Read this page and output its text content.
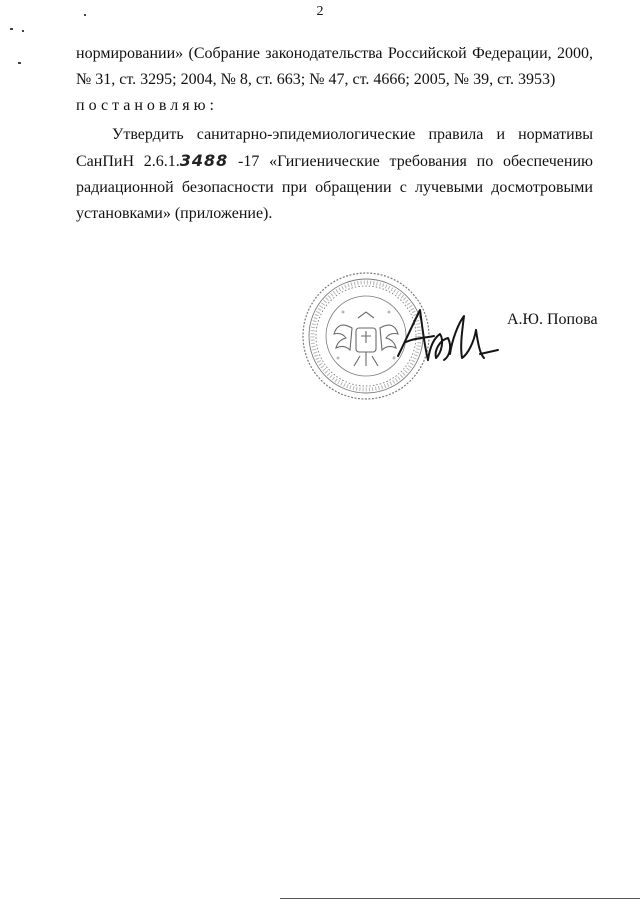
2
нормировании» (Собрание законодательства Российской Федерации, 2000,
№ 31, ст. 3295; 2004, № 8, ст. 663; № 47, ст. 4666; 2005, № 39, ст. 3953)
постановляю:
Утвердить санитарно-эпидемиологические правила и нормативы
СанПиН 2.6.1.3488 -17 «Гигиенические требования по обеспечению
радиационной безопасности при обращении с лучевыми досмотровыми
установками» (приложение).
А.Ю. Попова
